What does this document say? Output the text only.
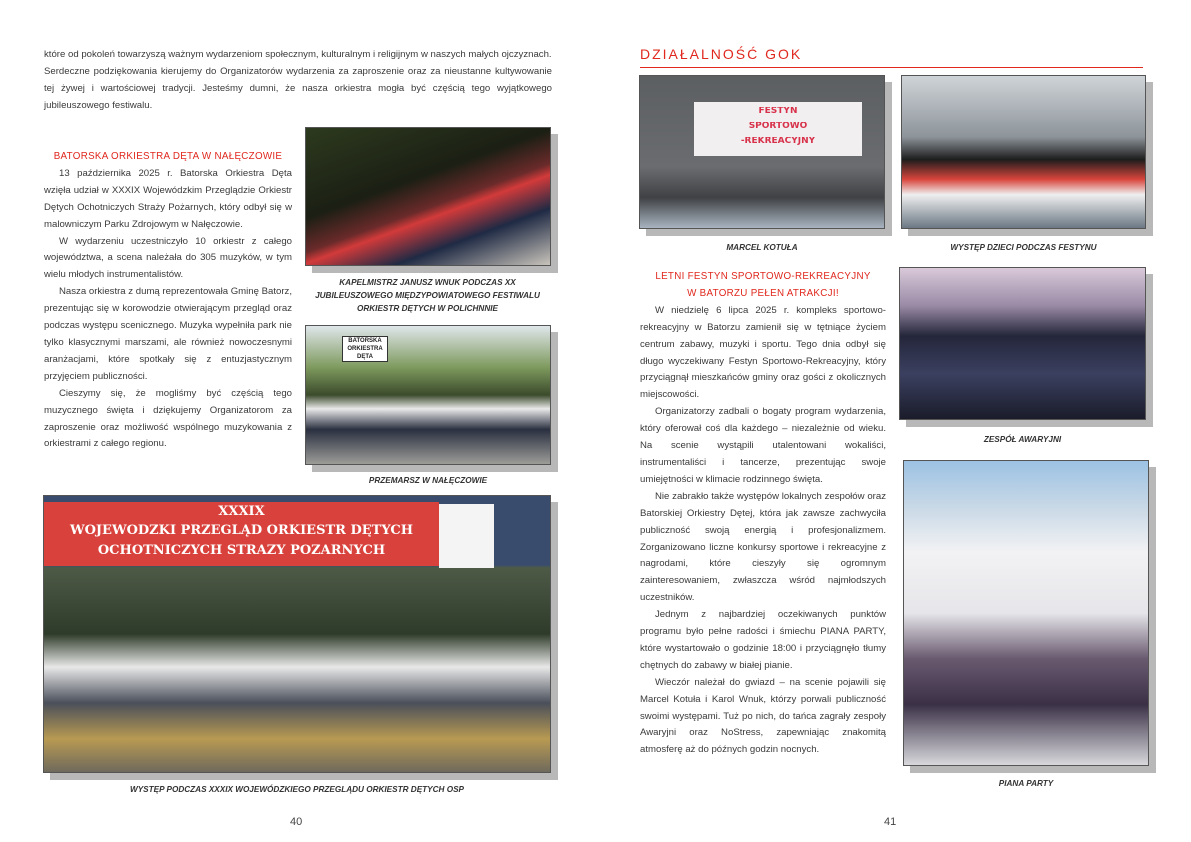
które od pokoleń towarzyszą ważnym wydarzeniom społecznym, kulturalnym i religijnym w naszych małych ojczyznach.

Serdeczne podziękowania kierujemy do Organizatorów wydarzenia za zaproszenie oraz za nieustanne kultywowanie tej żywej i wartościowej tradycji. Jesteśmy dumni, że nasza orkiestra mogła być częścią tego wyjątkowego jubileuszowego festiwalu.

BATORSKA ORKIESTRA DĘTA W NAŁĘCZOWIE

13 października 2025 r. Batorska Orkiestra Dęta wzięła udział w XXXIX Wojewódzkim Przeglądzie Orkiestr Dętych Ochotniczych Straży Pożarnych, który odbył się w malowniczym Parku Zdrojowym w Nałęczowie.

W wydarzeniu uczestniczyło 10 orkiestr z całego województwa, a scena należała do 305 muzyków, w tym wielu młodych instrumentalistów.

Nasza orkiestra z dumą reprezentowała Gminę Batorz, prezentując się w korowodzie otwierającym przegląd oraz podczas występu scenicznego. Muzyka wypełniła park nie tylko klasycznymi marszami, ale również nowoczesnymi aranżacjami, które spotkały się z entuzjastycznym przyjęciem publiczności.

Cieszymy się, że mogliśmy być częścią tego muzycznego święta i dziękujemy Organizatorom za zaproszenie oraz możliwość wspólnego muzykowania z orkiestrami z całego regionu.

KAPELMISTRZ JANUSZ WNUK PODCZAS XX JUBILEUSZOWEGO MIĘDZYPOWIATOWEGO FESTIWALU ORKIESTR DĘTYCH W POLICHNNIE
BATORSKA ORKIESTRA DĘTA
PRZEMARSZ W NAŁĘCZOWIE
XXXIX
WOJEWÓDZKI PRZEGLĄD ORKIESTR DĘTYCH
OCHOTNICZYCH STRAŻY POŻARNYCH
WYSTĘP PODCZAS XXXIX WOJEWÓDZKIEGO PRZEGLĄDU ORKIESTR DĘTYCH OSP
40
DZIAŁALNOŚĆ GOK
FESTYN
SPORTOWO
-REKREACYJNY
MARCEL KOTUŁA	WYSTĘP DZIECI PODCZAS FESTYNU

LETNI FESTYN SPORTOWO-REKREACYJNY

W BATORZU PEŁEN ATRAKCJI!

W niedzielę 6 lipca 2025 r. kompleks sportowo-rekreacyjny w Batorzu zamienił się w tętniące życiem centrum zabawy, muzyki i sportu. Tego dnia odbył się długo wyczekiwany Festyn Sportowo-Rekreacyjny, który przyciągnął mieszkańców gminy oraz gości z okolicznych miejscowości.

Organizatorzy zadbali o bogaty program wydarzenia, który oferował coś dla każdego – niezależnie od wieku. Na scenie wystąpili utalentowani wokaliści, instrumentaliści i tancerze, prezentując swoje umiejętności w klimacie rodzinnego święta.

Nie zabrakło także występów lokalnych zespołów oraz Batorskiej Orkiestry Dętej, która jak zawsze zachwyciła publiczność swoją energią i profesjonalizmem. Zorganizowano liczne konkursy sportowe i rekreacyjne z nagrodami, które cieszyły się ogromnym zainteresowaniem, zwłaszcza wśród najmłodszych uczestników.

Jednym z najbardziej oczekiwanych punktów programu było pełne radości i śmiechu PIANA PARTY, które wystartowało o godzinie 18:00 i przyciągnęło tłumy chętnych do zabawy w białej pianie.

Wieczór należał do gwiazd – na scenie pojawili się Marcel Kotuła i Karol Wnuk, którzy porwali publiczność swoimi występami. Tuż po nich, do tańca zagrały zespoły Awaryjni oraz NoStress, zapewniając znakomitą atmosferę aż do późnych godzin nocnych.

ZESPÓŁ AWARYJNI
PIANA PARTY
41
